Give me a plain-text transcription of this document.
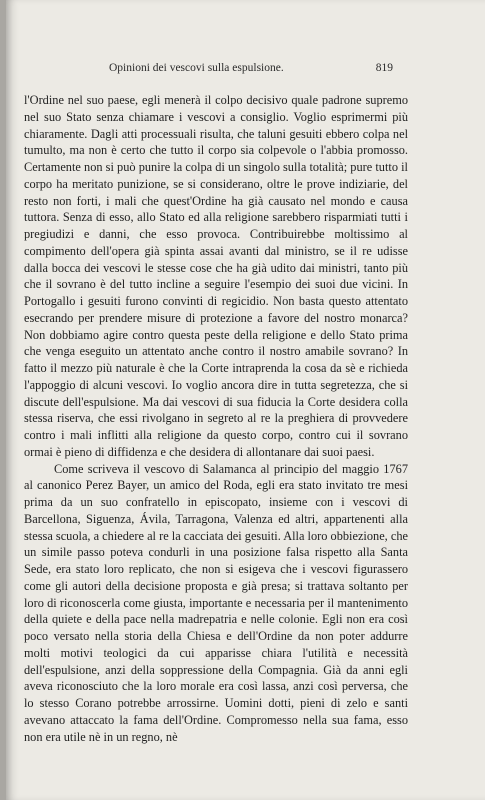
Opinioni dei vescovi sulla espulsione.	819

l'Ordine nel suo paese, egli menerà il colpo decisivo quale padrone supremo nel suo Stato senza chiamare i vescovi a consiglio. Voglio esprimermi più chiaramente. Dagli atti processuali risulta, che taluni gesuiti ebbero colpa nel tumulto, ma non è certo che tutto il corpo sia colpevole o l'abbia promosso. Certamente non si può punire la colpa di un singolo sulla totalità; pure tutto il corpo ha meritato punizione, se si considerano, oltre le prove indiziarie, del resto non forti, i mali che quest'Ordine ha già causato nel mondo e causa tuttora. Senza di esso, allo Stato ed alla religione sarebbero risparmiati tutti i pregiudizi e danni, che esso provoca. Contribuirebbe moltissimo al compimento dell'opera già spinta assai avanti dal ministro, se il re udisse dalla bocca dei vescovi le stesse cose che ha già udito dai ministri, tanto più che il sovrano è del tutto incline a seguire l'esempio dei suoi due vicini. In Portogallo i gesuiti furono convinti di regicidio. Non basta questo attentato esecrando per prendere misure di protezione a favore del nostro monarca? Non dobbiamo agire contro questa peste della religione e dello Stato prima che venga eseguito un attentato anche contro il nostro amabile sovrano? In fatto il mezzo più naturale è che la Corte intraprenda la cosa da sè e richieda l'appoggio di alcuni vescovi. Io voglio ancora dire in tutta segretezza, che si discute dell'espulsione. Ma dai vescovi di sua fiducia la Corte desidera colla stessa riserva, che essi rivolgano in segreto al re la preghiera di provvedere contro i mali inflitti alla religione da questo corpo, contro cui il sovrano ormai è pieno di diffidenza e che desidera di allontanare dai suoi paesi.

Come scriveva il vescovo di Salamanca al principio del maggio 1767 al canonico Perez Bayer, un amico del Roda, egli era stato invitato tre mesi prima da un suo confratello in episcopato, insieme con i vescovi di Barcellona, Siguenza, Ávila, Tarragona, Valenza ed altri, appartenenti alla stessa scuola, a chiedere al re la cacciata dei gesuiti. Alla loro obbiezione, che un simile passo poteva condurli in una posizione falsa rispetto alla Santa Sede, era stato loro replicato, che non si esigeva che i vescovi figurassero come gli autori della decisione proposta e già presa; si trattava soltanto per loro di riconoscerla come giusta, importante e necessaria per il mantenimento della quiete e della pace nella madrepatria e nelle colonie. Egli non era così poco versato nella storia della Chiesa e dell'Ordine da non poter addurre molti motivi teologici da cui apparisse chiara l'utilità e necessità dell'espulsione, anzi della soppressione della Compagnia. Già da anni egli aveva riconosciuto che la loro morale era così lassa, anzi così perversa, che lo stesso Corano potrebbe arrossirne. Uomini dotti, pieni di zelo e santi avevano attaccato la fama dell'Ordine. Compromesso nella sua fama, esso non era utile nè in un regno, nè
